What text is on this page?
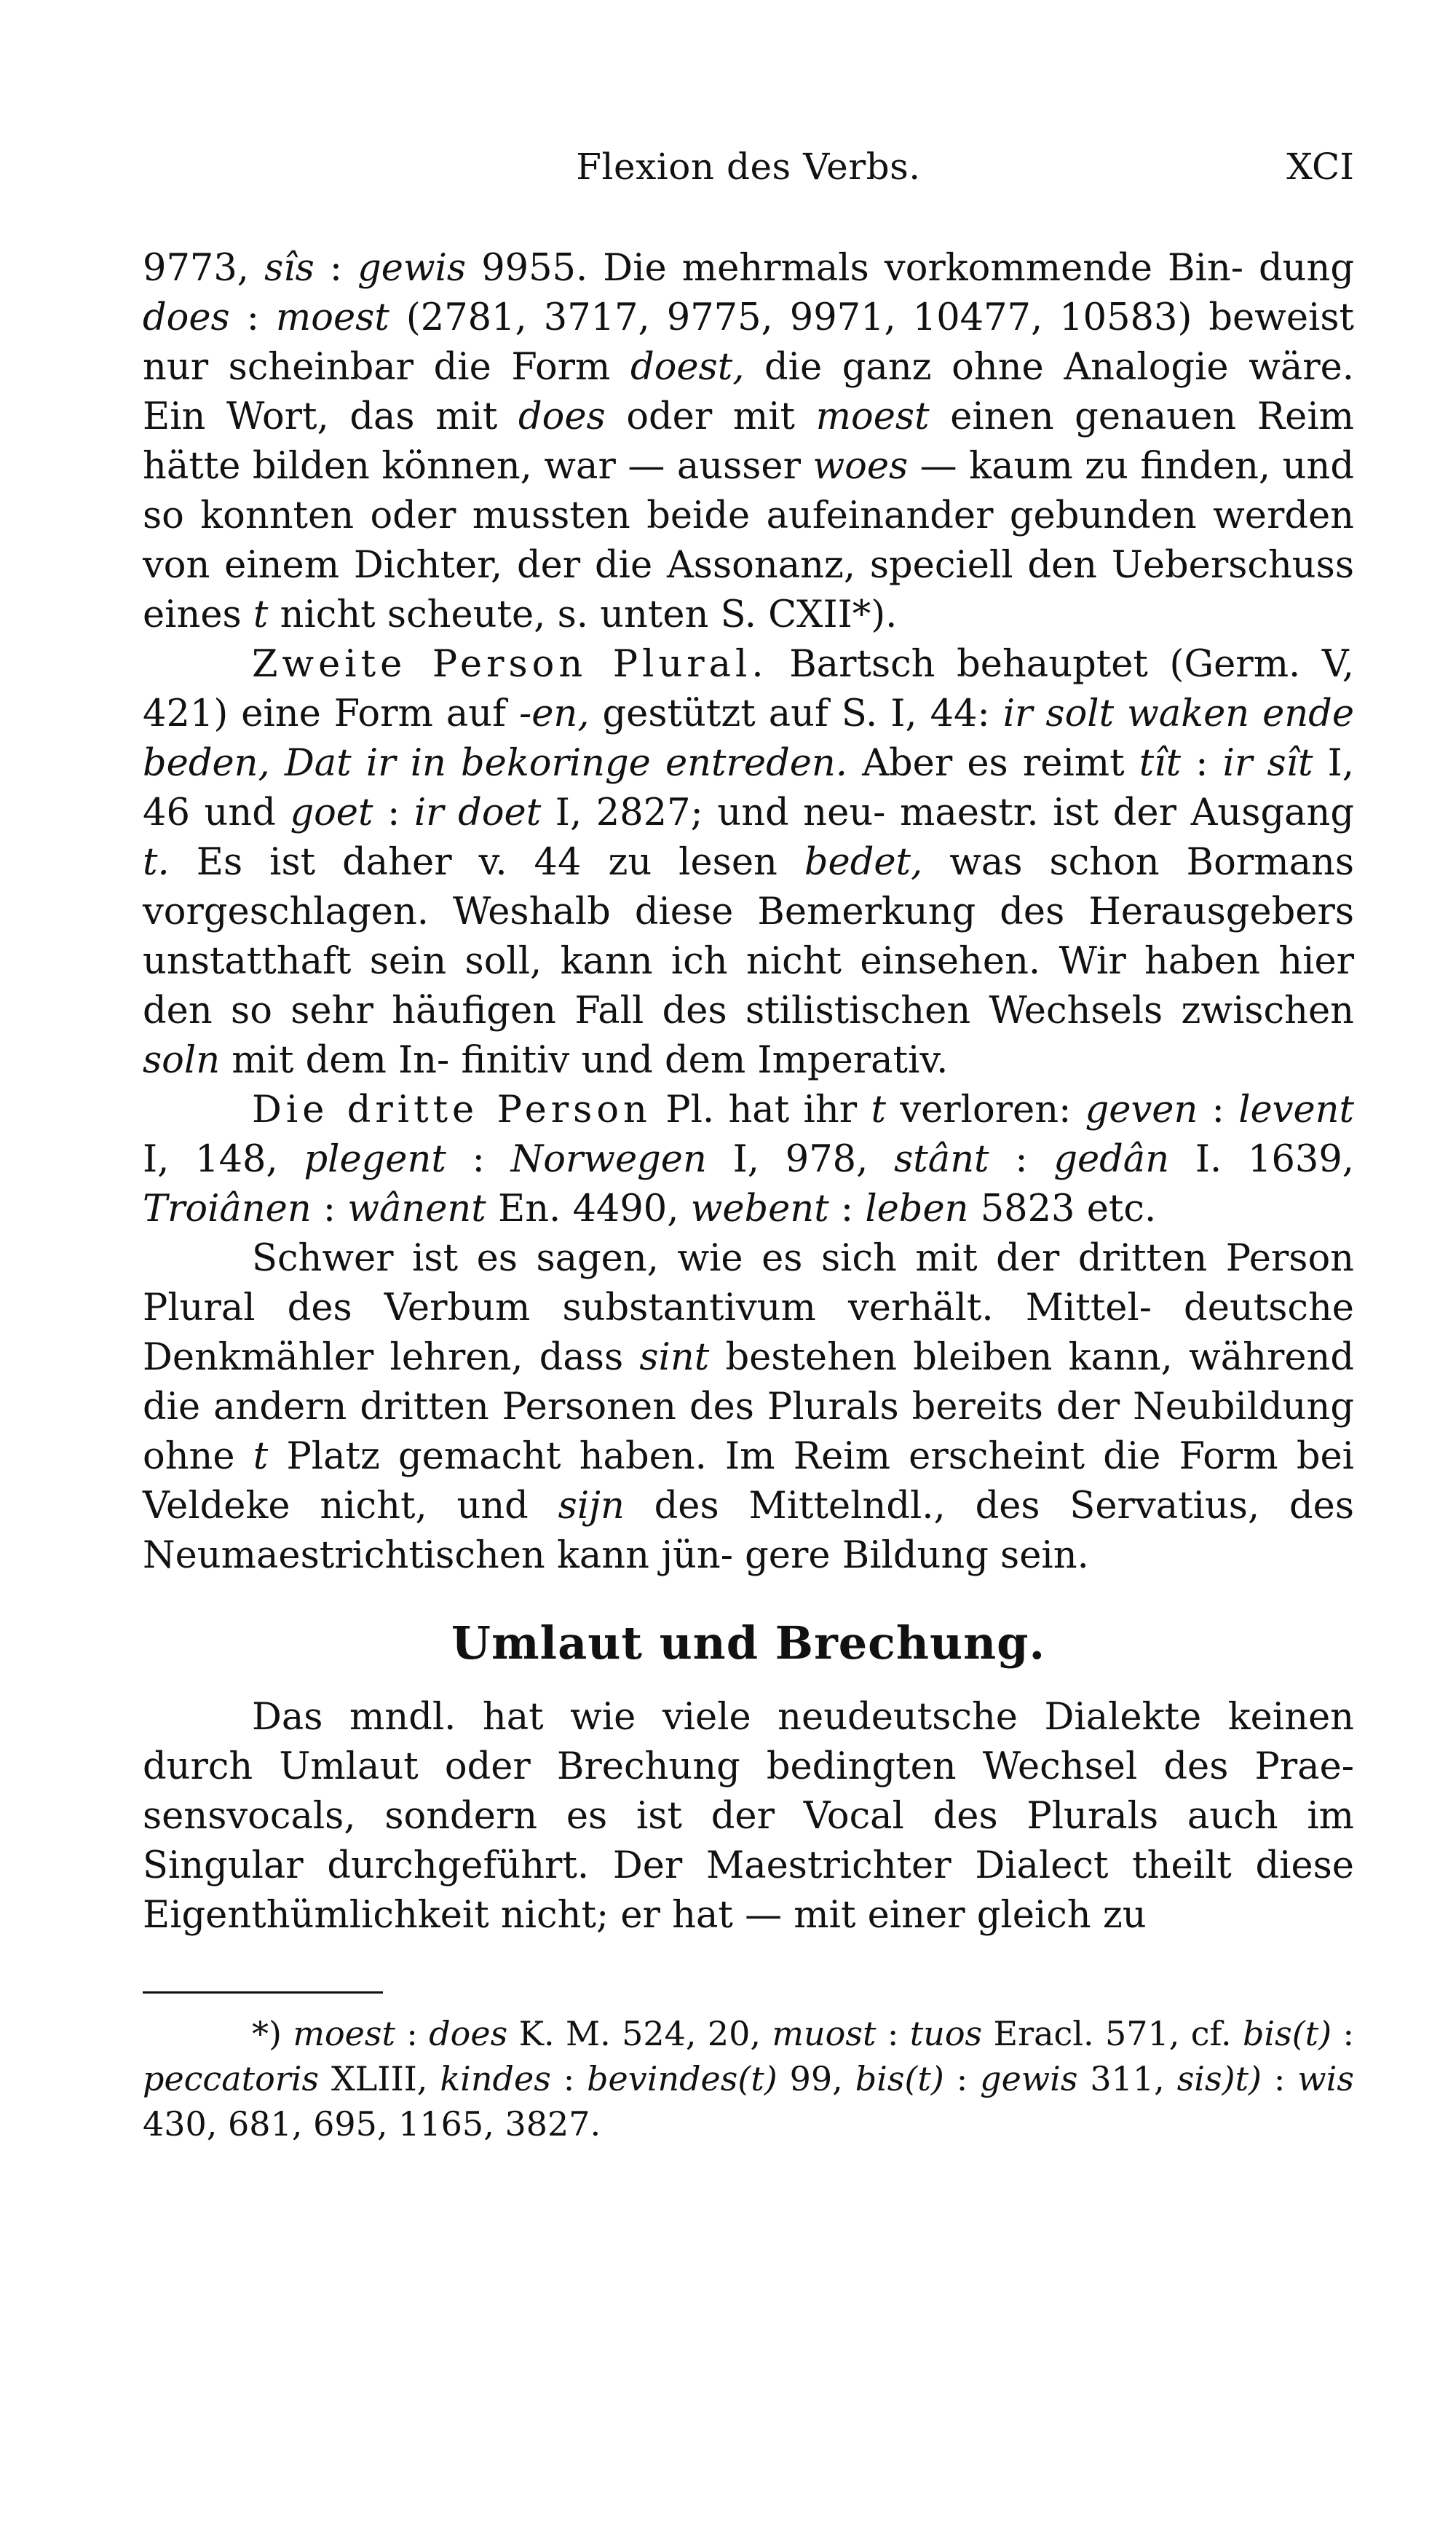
Flexion des Verbs.	XCI

9773, sîs : gewis 9955. Die mehrmals vorkommende Bin- dung does : moest (2781, 3717, 9775, 9971, 10477, 10583) beweist nur scheinbar die Form doest, die ganz ohne Analogie wäre. Ein Wort, das mit does oder mit moest einen genauen Reim hätte bilden können, war — ausser woes — kaum zu finden, und so konnten oder mussten beide aufeinander gebunden werden von einem Dichter, der die Assonanz, speciell den Ueberschuss eines t nicht scheute, s. unten S. CXII*).

Zweite Person Plural. Bartsch behauptet (Germ. V, 421) eine Form auf -en, gestützt auf S. I, 44: ir solt waken ende beden, Dat ir in bekoringe entreden. Aber es reimt tît : ir sît I, 46 und goet : ir doet I, 2827; und neu- maestr. ist der Ausgang t. Es ist daher v. 44 zu lesen bedet, was schon Bormans vorgeschlagen. Weshalb diese Bemerkung des Herausgebers unstatthaft sein soll, kann ich nicht einsehen. Wir haben hier den so sehr häufigen Fall des stilistischen Wechsels zwischen soln mit dem In- finitiv und dem Imperativ.

Die dritte Person Pl. hat ihr t verloren: geven : levent I, 148, plegent : Norwegen I, 978, stânt : gedân I. 1639, Troiânen : wânent En. 4490, webent : leben 5823 etc.

Schwer ist es sagen, wie es sich mit der dritten Person Plural des Verbum substantivum verhält. Mittel- deutsche Denkmähler lehren, dass sint bestehen bleiben kann, während die andern dritten Personen des Plurals bereits der Neubildung ohne t Platz gemacht haben. Im Reim erscheint die Form bei Veldeke nicht, und sijn des Mittelndl., des Servatius, des Neumaestrichtischen kann jün- gere Bildung sein.

Umlaut und Brechung.

Das mndl. hat wie viele neudeutsche Dialekte keinen durch Umlaut oder Brechung bedingten Wechsel des Prae- sensvocals, sondern es ist der Vocal des Plurals auch im Singular durchgeführt. Der Maestrichter Dialect theilt diese Eigenthümlichkeit nicht; er hat — mit einer gleich zu

*) moest : does K. M. 524, 20, muost : tuos Eracl. 571, cf. bis(t) : peccatoris XLIII, kindes : bevindes(t) 99, bis(t) : gewis 311, sis)t) : wis 430, 681, 695, 1165, 3827.
